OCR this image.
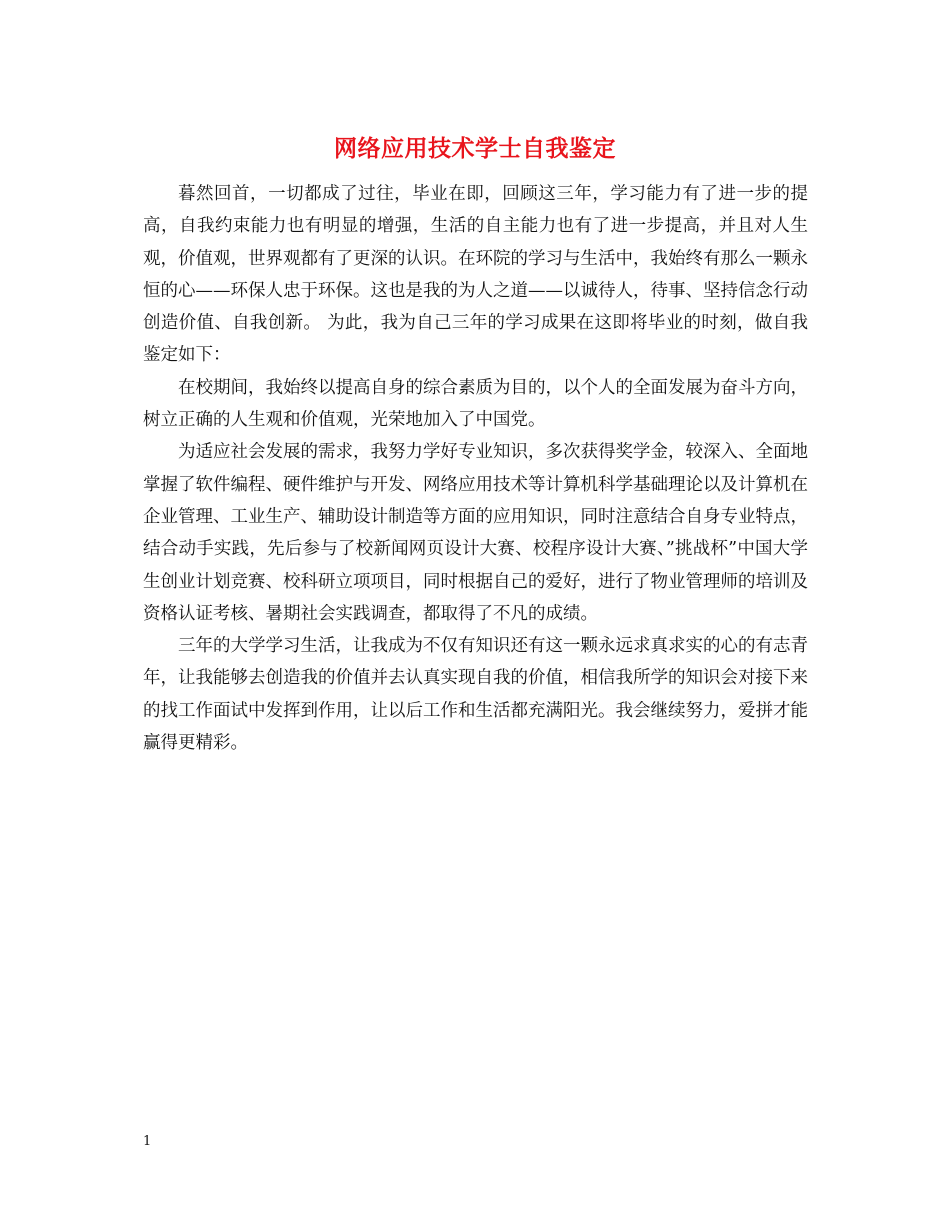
网络应用技术学士自我鉴定

暮然回首，一切都成了过往，毕业在即，回顾这三年，学习能力有了进一步的提高，自我约束能力也有明显的增强，生活的自主能力也有了进一步提高，并且对人生观，价值观，世界观都有了更深的认识。在环院的学习与生活中，我始终有那么一颗永恒的心——环保人忠于环保。这也是我的为人之道——以诚待人，待事、坚持信念行动创造价值、自我创新。 为此，我为自己三年的学习成果在这即将毕业的时刻，做自我鉴定如下：

在校期间，我始终以提高自身的综合素质为目的，以个人的全面发展为奋斗方向，树立正确的人生观和价值观，光荣地加入了中国党。

为适应社会发展的需求，我努力学好专业知识，多次获得奖学金，较深入、全面地掌握了软件编程、硬件维护与开发、网络应用技术等计算机科学基础理论以及计算机在企业管理、工业生产、辅助设计制造等方面的应用知识，同时注意结合自身专业特点，结合动手实践，先后参与了校新闻网页设计大赛、校程序设计大赛、”挑战杯”中国大学生创业计划竞赛、校科研立项项目，同时根据自己的爱好，进行了物业管理师的培训及资格认证考核、暑期社会实践调查，都取得了不凡的成绩。

三年的大学学习生活，让我成为不仅有知识还有这一颗永远求真求实的心的有志青年，让我能够去创造我的价值并去认真实现自我的价值，相信我所学的知识会对接下来的找工作面试中发挥到作用，让以后工作和生活都充满阳光。我会继续努力，爱拼才能赢得更精彩。

1
